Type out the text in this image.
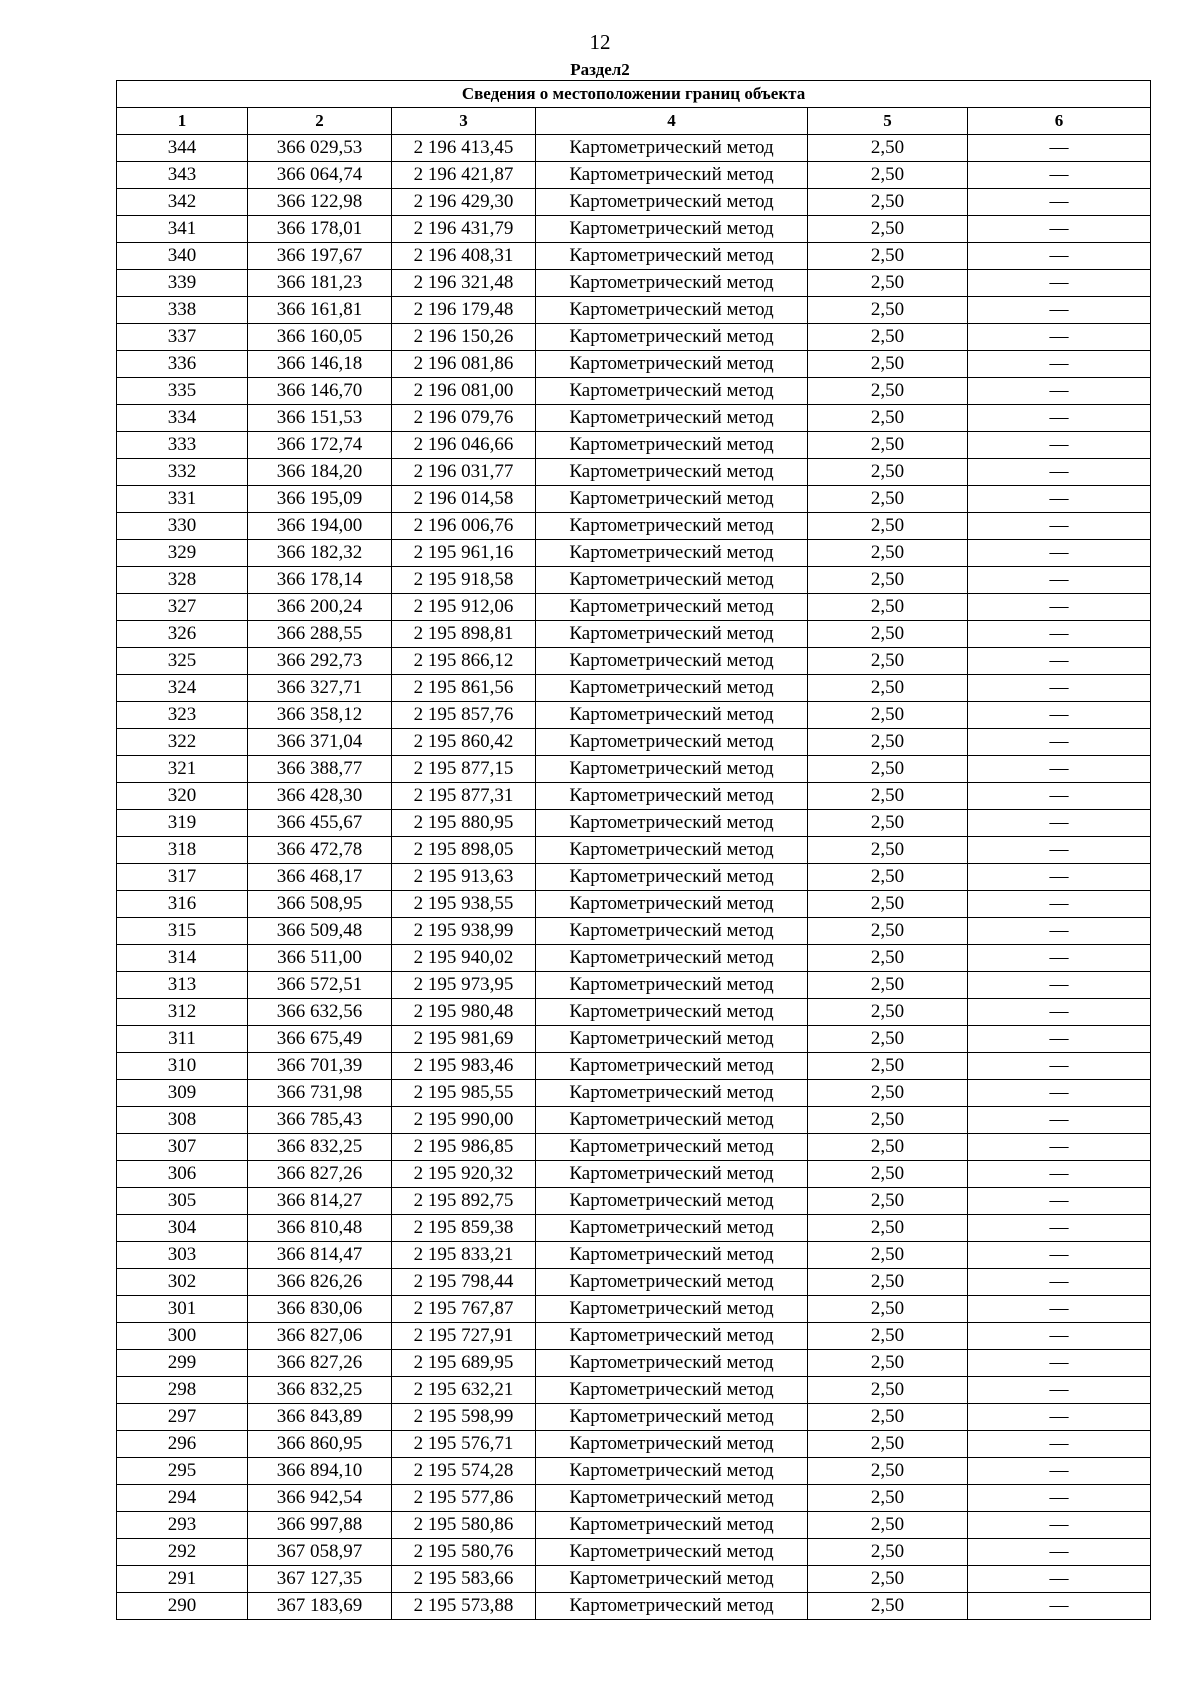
12
Раздел2
Сведения о местоположении границ объекта					
1	2	3	4	5	6
344	366 029,53	2 196 413,45	Картометрический метод	2,50	—
343	366 064,74	2 196 421,87	Картометрический метод	2,50	—
342	366 122,98	2 196 429,30	Картометрический метод	2,50	—
341	366 178,01	2 196 431,79	Картометрический метод	2,50	—
340	366 197,67	2 196 408,31	Картометрический метод	2,50	—
339	366 181,23	2 196 321,48	Картометрический метод	2,50	—
338	366 161,81	2 196 179,48	Картометрический метод	2,50	—
337	366 160,05	2 196 150,26	Картометрический метод	2,50	—
336	366 146,18	2 196 081,86	Картометрический метод	2,50	—
335	366 146,70	2 196 081,00	Картометрический метод	2,50	—
334	366 151,53	2 196 079,76	Картометрический метод	2,50	—
333	366 172,74	2 196 046,66	Картометрический метод	2,50	—
332	366 184,20	2 196 031,77	Картометрический метод	2,50	—
331	366 195,09	2 196 014,58	Картометрический метод	2,50	—
330	366 194,00	2 196 006,76	Картометрический метод	2,50	—
329	366 182,32	2 195 961,16	Картометрический метод	2,50	—
328	366 178,14	2 195 918,58	Картометрический метод	2,50	—
327	366 200,24	2 195 912,06	Картометрический метод	2,50	—
326	366 288,55	2 195 898,81	Картометрический метод	2,50	—
325	366 292,73	2 195 866,12	Картометрический метод	2,50	—
324	366 327,71	2 195 861,56	Картометрический метод	2,50	—
323	366 358,12	2 195 857,76	Картометрический метод	2,50	—
322	366 371,04	2 195 860,42	Картометрический метод	2,50	—
321	366 388,77	2 195 877,15	Картометрический метод	2,50	—
320	366 428,30	2 195 877,31	Картометрический метод	2,50	—
319	366 455,67	2 195 880,95	Картометрический метод	2,50	—
318	366 472,78	2 195 898,05	Картометрический метод	2,50	—
317	366 468,17	2 195 913,63	Картометрический метод	2,50	—
316	366 508,95	2 195 938,55	Картометрический метод	2,50	—
315	366 509,48	2 195 938,99	Картометрический метод	2,50	—
314	366 511,00	2 195 940,02	Картометрический метод	2,50	—
313	366 572,51	2 195 973,95	Картометрический метод	2,50	—
312	366 632,56	2 195 980,48	Картометрический метод	2,50	—
311	366 675,49	2 195 981,69	Картометрический метод	2,50	—
310	366 701,39	2 195 983,46	Картометрический метод	2,50	—
309	366 731,98	2 195 985,55	Картометрический метод	2,50	—
308	366 785,43	2 195 990,00	Картометрический метод	2,50	—
307	366 832,25	2 195 986,85	Картометрический метод	2,50	—
306	366 827,26	2 195 920,32	Картометрический метод	2,50	—
305	366 814,27	2 195 892,75	Картометрический метод	2,50	—
304	366 810,48	2 195 859,38	Картометрический метод	2,50	—
303	366 814,47	2 195 833,21	Картометрический метод	2,50	—
302	366 826,26	2 195 798,44	Картометрический метод	2,50	—
301	366 830,06	2 195 767,87	Картометрический метод	2,50	—
300	366 827,06	2 195 727,91	Картометрический метод	2,50	—
299	366 827,26	2 195 689,95	Картометрический метод	2,50	—
298	366 832,25	2 195 632,21	Картометрический метод	2,50	—
297	366 843,89	2 195 598,99	Картометрический метод	2,50	—
296	366 860,95	2 195 576,71	Картометрический метод	2,50	—
295	366 894,10	2 195 574,28	Картометрический метод	2,50	—
294	366 942,54	2 195 577,86	Картометрический метод	2,50	—
293	366 997,88	2 195 580,86	Картометрический метод	2,50	—
292	367 058,97	2 195 580,76	Картометрический метод	2,50	—
291	367 127,35	2 195 583,66	Картометрический метод	2,50	—
290	367 183,69	2 195 573,88	Картометрический метод	2,50	—
